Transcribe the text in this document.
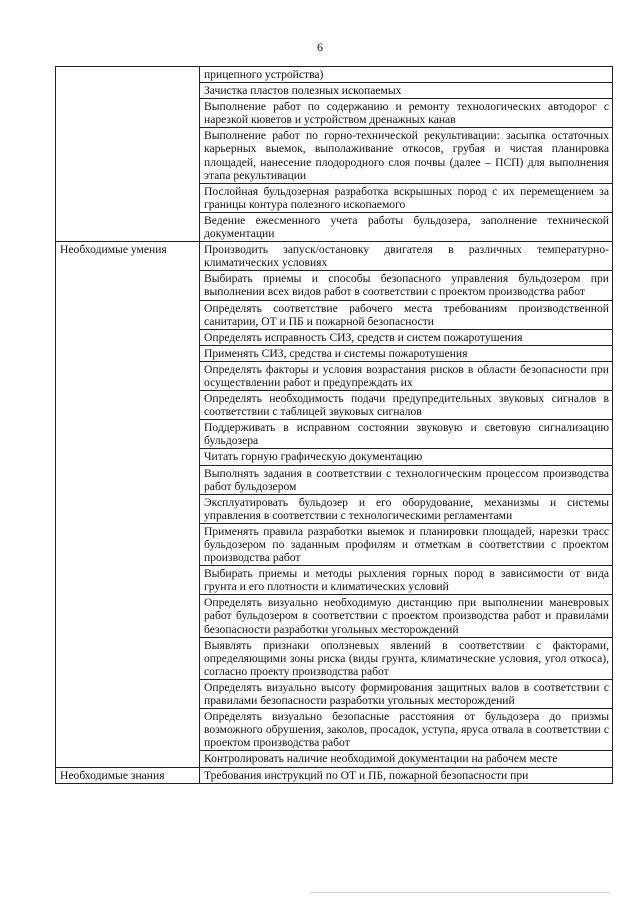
6
	прицепного устройства)
	Зачистка пластов полезных ископаемых
	Выполнение работ по содержанию и ремонту технологических автодорог с нарезкой кюветов и устройством дренажных канав
	Выполнение работ по горно-технической рекультивации: засыпка остаточных карьерных выемок, выполаживание откосов, грубая и чистая планировка площадей, нанесение плодородного слоя почвы (далее – ПСП) для выполнения этапа рекультивации
	Послойная бульдозерная разработка вскрышных пород с их перемещением за границы контура полезного ископаемого
	Ведение ежесменного учета работы бульдозера, заполнение технической документации
Необходимые умения	Производить запуск/остановку двигателя в различных температурно-климатических условиях
	Выбирать приемы и способы безопасного управления бульдозером при выполнении всех видов работ в соответствии с проектом производства работ
	Определять соответствие рабочего места требованиям производственной санитарии, ОТ и ПБ и пожарной безопасности
	Определять исправность СИЗ, средств и систем пожаротушения
	Применять СИЗ, средства и системы пожаротушения
	Определять факторы и условия возрастания рисков в области безопасности при осуществлении работ и предупреждать их
	Определять необходимость подачи предупредительных звуковых сигналов в соответствии с таблицей звуковых сигналов
	Поддерживать в исправном состоянии звуковую и световую сигнализацию бульдозера
	Читать горную графическую документацию
	Выполнять задания в соответствии с технологическим процессом производства работ бульдозером
	Эксплуатировать бульдозер и его оборудование, механизмы и системы управления в соответствии с технологическими регламентами
	Применять правила разработки выемок и планировки площадей, нарезки трасс бульдозером по заданным профилям и отметкам в соответствии с проектом производства работ
	Выбирать приемы и методы рыхления горных пород в зависимости от вида грунта и его плотности и климатических условий
	Определять визуально необходимую дистанцию при выполнении маневровых работ бульдозером в соответствии с проектом производства работ и правилами безопасности разработки угольных месторождений
	Выявлять признаки оползневых явлений в соответствии с факторами, определяющими зоны риска (виды грунта, климатические условия, угол откоса), согласно проекту производства работ
	Определять визуально высоту формирования защитных валов в соответствии с правилами безопасности разработки угольных месторождений
	Определять визуально безопасные расстояния от бульдозера до призмы возможного обрушения, заколов, просадок, уступа, яруса отвала в соответствии с проектом производства работ
	Контролировать наличие необходимой документации на рабочем месте
Необходимые знания	Требования инструкций по ОТ и ПБ, пожарной безопасности при
